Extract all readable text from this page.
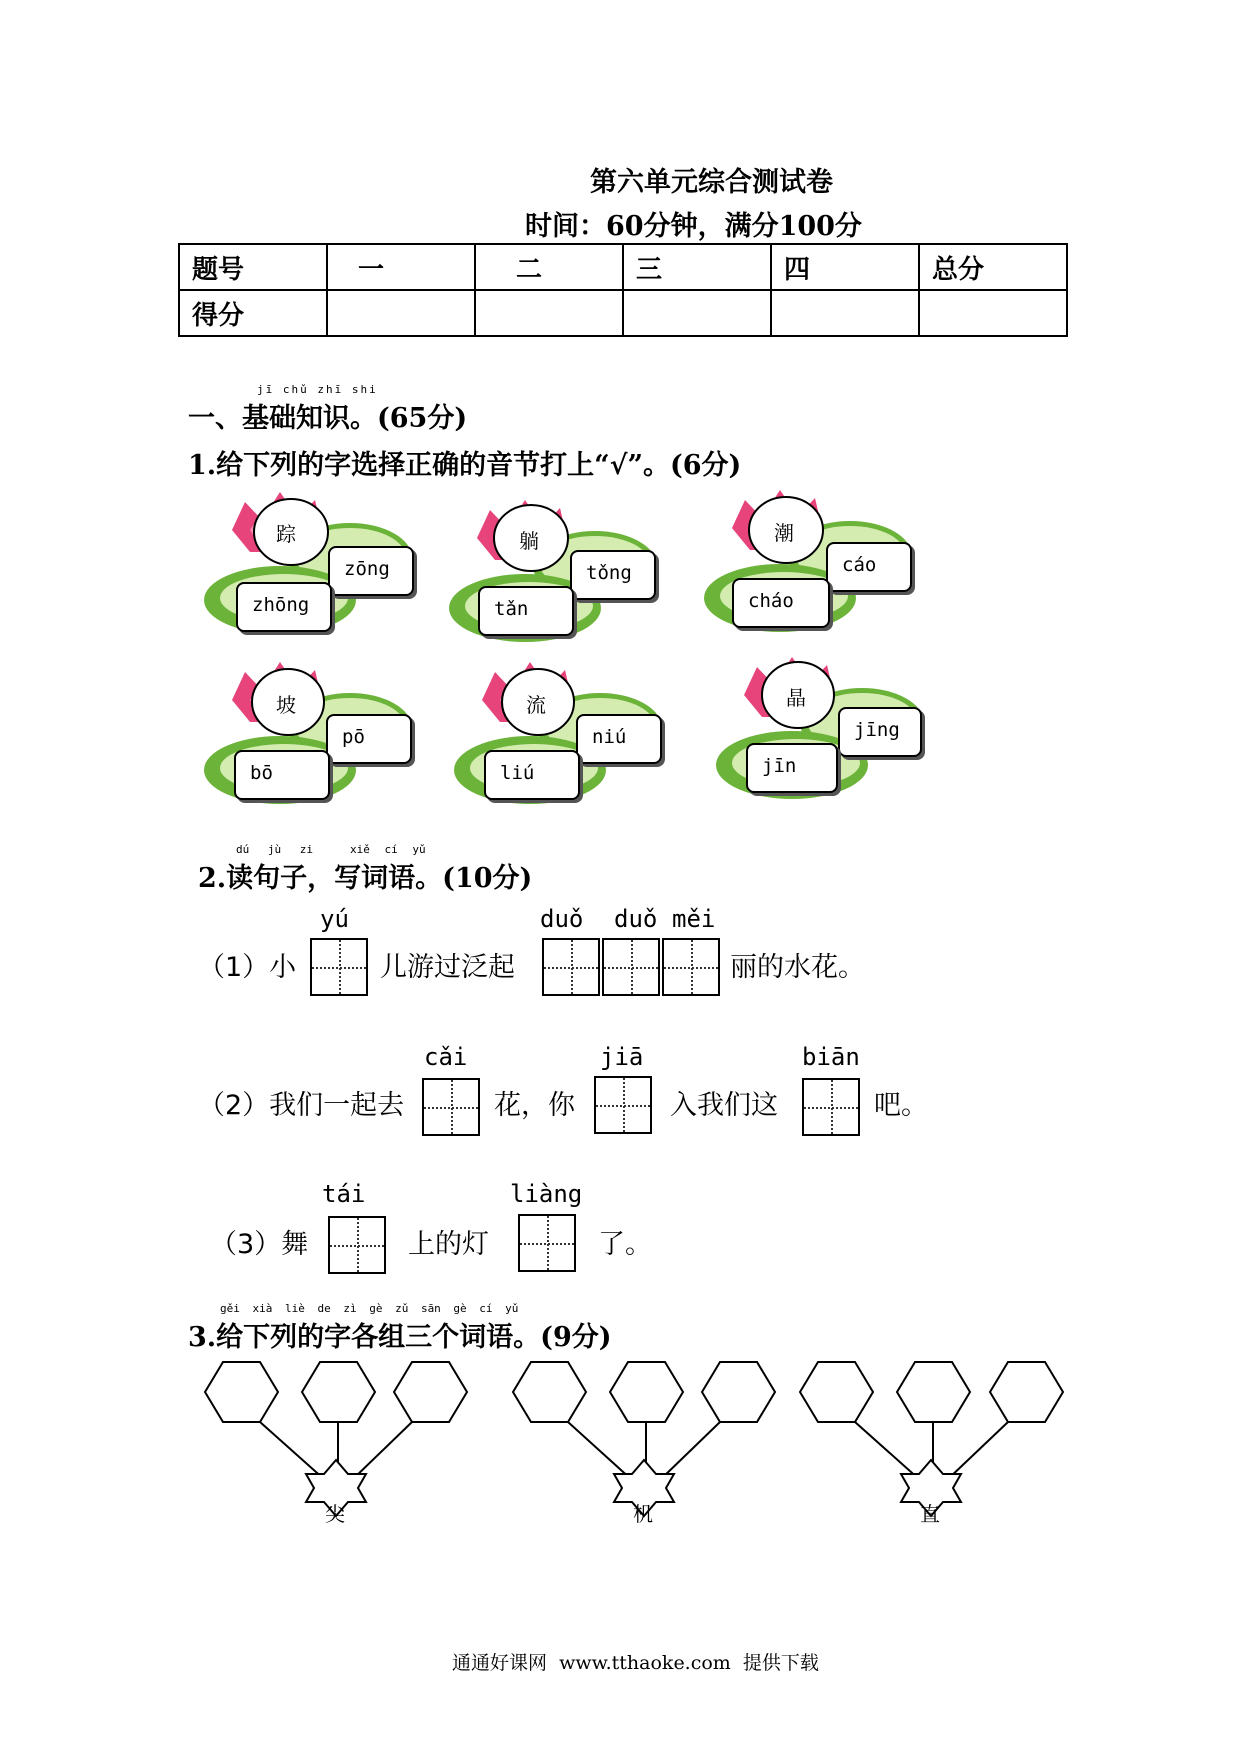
第六单元综合测试卷
时间：60分钟，满分100分
题号	一	二	三	四	总分
得分					
jī chǔ zhī shi
一、基础知识。(65分)
1.给下列的字选择正确的音节打上“√”。(6分)
踪
zōng
zhōng
躺
tǒng
tǎn
潮
cáo
cháo
坡
pō
bō
流
niú
liú
晶
jīng
jīn
dú jù zi	xiě cí yǔ
2.读句子，写词语。(10分)
yú	duǒ duǒ měi
（1）小	儿游过泛起	丽的水花。
cǎi	jiā	biān
（2）我们一起去	花，你	入我们这	吧。
tái	liàng
（3）舞	上的灯	了。
gěi xià liè de zì gè zǔ sān gè cí yǔ
3.给下列的字各组三个词语。(9分)
尖	机	直
通通好课网  www.tthaoke.com  提供下载
